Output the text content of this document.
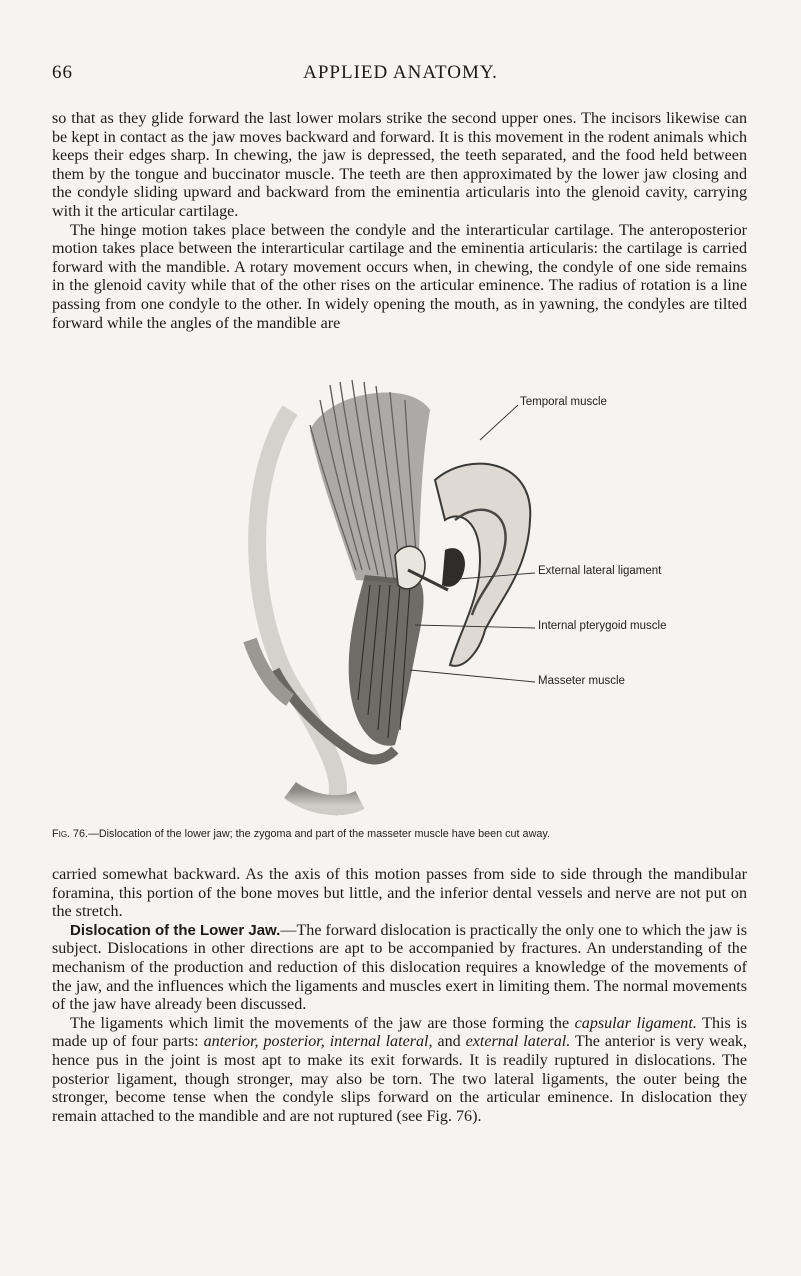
66	APPLIED ANATOMY.

so that as they glide forward the last lower molars strike the second upper ones. The incisors likewise can be kept in contact as the jaw moves backward and forward. It is this movement in the rodent animals which keeps their edges sharp. In chewing, the jaw is depressed, the teeth separated, and the food held between them by the tongue and buccinator muscle. The teeth are then approximated by the lower jaw closing and the condyle sliding upward and backward from the eminentia articularis into the glenoid cavity, carrying with it the articular cartilage.

The hinge motion takes place between the condyle and the interarticular cartilage. The anteroposterior motion takes place between the interarticular cartilage and the eminentia articularis: the cartilage is carried forward with the mandible. A rotary movement occurs when, in chewing, the condyle of one side remains in the glenoid cavity while that of the other rises on the articular eminence. The radius of rotation is a line passing from one condyle to the other. In widely opening the mouth, as in yawning, the condyles are tilted forward while the angles of the mandible are

Temporal muscle
External lateral ligament
Internal pterygoid muscle
Masseter muscle
Fig. 76.—Dislocation of the lower jaw; the zygoma and part of the masseter muscle have been cut away.

carried somewhat backward. As the axis of this motion passes from side to side through the mandibular foramina, this portion of the bone moves but little, and the inferior dental vessels and nerve are not put on the stretch.

Dislocation of the Lower Jaw.—The forward dislocation is practically the only one to which the jaw is subject. Dislocations in other directions are apt to be accompanied by fractures. An understanding of the mechanism of the production and reduction of this dislocation requires a knowledge of the movements of the jaw, and the influences which the ligaments and muscles exert in limiting them. The normal movements of the jaw have already been discussed.

The ligaments which limit the movements of the jaw are those forming the capsular ligament. This is made up of four parts: anterior, posterior, internal lateral, and external lateral. The anterior is very weak, hence pus in the joint is most apt to make its exit forwards. It is readily ruptured in dislocations. The posterior ligament, though stronger, may also be torn. The two lateral ligaments, the outer being the stronger, become tense when the condyle slips forward on the articular eminence. In dislocation they remain attached to the mandible and are not ruptured (see Fig. 76).
